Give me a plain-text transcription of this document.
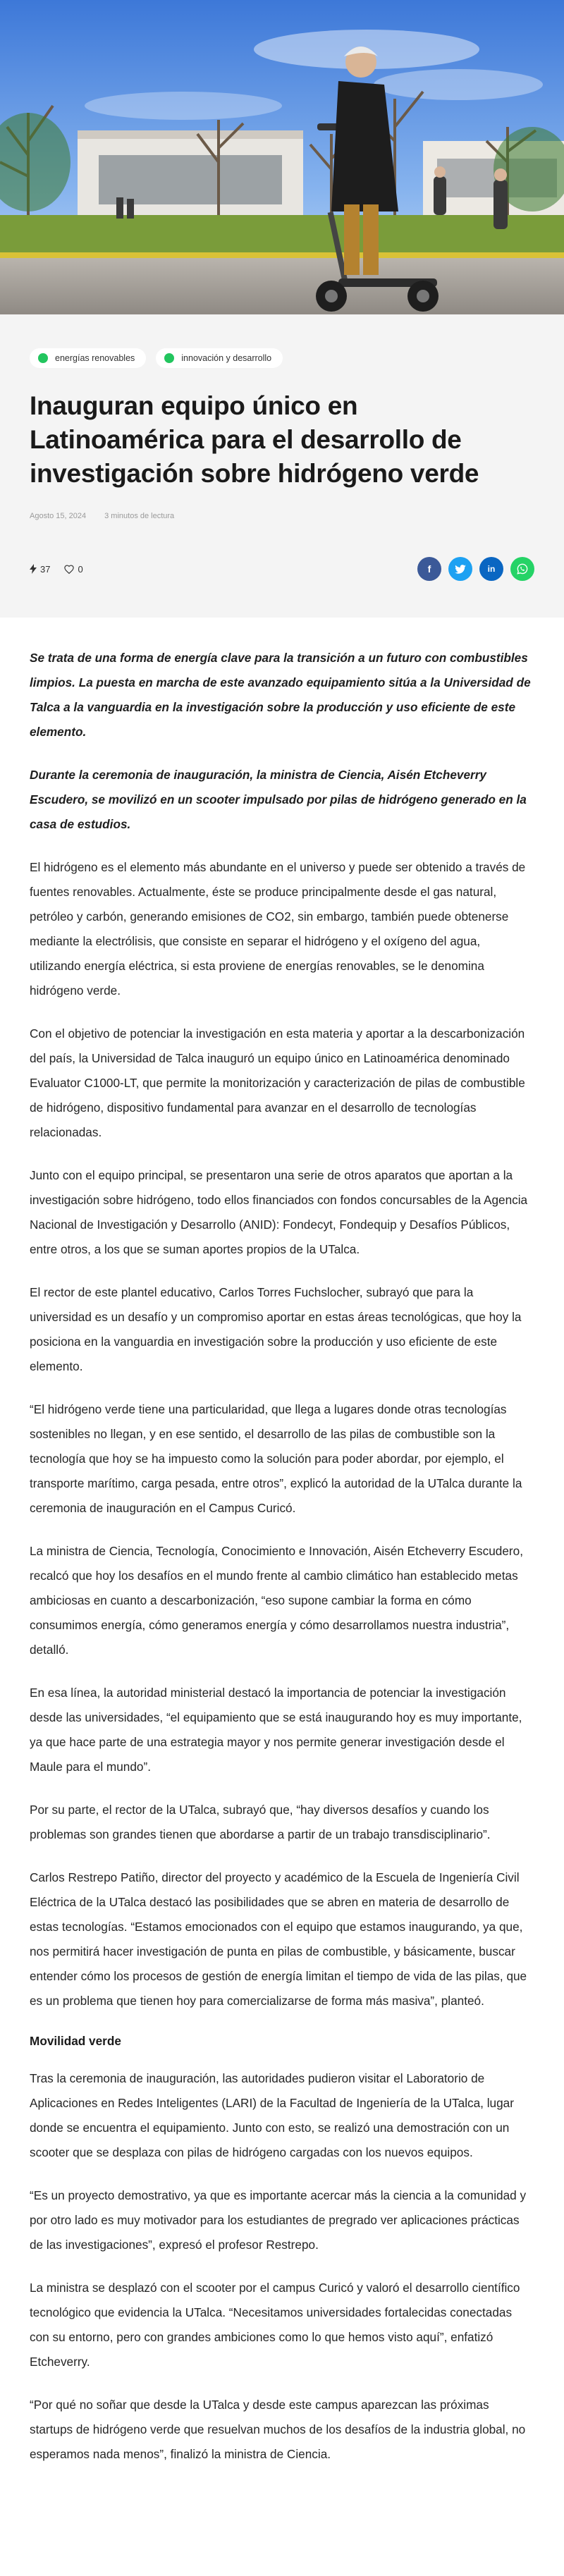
energías renovables	innovación y desarrollo
Inauguran equipo único en Latinoamérica para el desarrollo de investigación sobre hidrógeno verde
Agosto 15, 2024 3 minutos de lectura
37	0	f	in

Se trata de una forma de energía clave para la transición a un futuro con combustibles limpios. La puesta en marcha de este avanzado equipamiento sitúa a la Universidad de Talca a la vanguardia en la investigación sobre la producción y uso eficiente de este elemento.

Durante la ceremonia de inauguración, la ministra de Ciencia, Aisén Etcheverry Escudero, se movilizó en un scooter impulsado por pilas de hidrógeno generado en la casa de estudios.

El hidrógeno es el elemento más abundante en el universo y puede ser obtenido a través de fuentes renovables. Actualmente, éste se produce principalmente desde el gas natural, petróleo y carbón, generando emisiones de CO2, sin embargo, también puede obtenerse mediante la electrólisis, que consiste en separar el hidrógeno y el oxígeno del agua, utilizando energía eléctrica, si esta proviene de energías renovables, se le denomina hidrógeno verde.

Con el objetivo de potenciar la investigación en esta materia y aportar a la descarbonización del país, la Universidad de Talca inauguró un equipo único en Latinoamérica denominado Evaluator C1000-LT, que permite la monitorización y caracterización de pilas de combustible de hidrógeno, dispositivo fundamental para avanzar en el desarrollo de tecnologías relacionadas.

Junto con el equipo principal, se presentaron una serie de otros aparatos que aportan a la investigación sobre hidrógeno, todo ellos financiados con fondos concursables de la Agencia Nacional de Investigación y Desarrollo (ANID): Fondecyt, Fondequip y Desafíos Públicos, entre otros, a los que se suman aportes propios de la UTalca.

El rector de este plantel educativo, Carlos Torres Fuchslocher, subrayó que para la universidad es un desafío y un compromiso aportar en estas áreas tecnológicas, que hoy la posiciona en la vanguardia en investigación sobre la producción y uso eficiente de este elemento.

“El hidrógeno verde tiene una particularidad, que llega a lugares donde otras tecnologías sostenibles no llegan, y en ese sentido, el desarrollo de las pilas de combustible son la tecnología que hoy se ha impuesto como la solución para poder abordar, por ejemplo, el transporte marítimo, carga pesada, entre otros”, explicó la autoridad de la UTalca durante la ceremonia de inauguración en el Campus Curicó.

La ministra de Ciencia, Tecnología, Conocimiento e Innovación, Aisén Etcheverry Escudero, recalcó que hoy los desafíos en el mundo frente al cambio climático han establecido metas ambiciosas en cuanto a descarbonización, “eso supone cambiar la forma en cómo consumimos energía, cómo generamos energía y cómo desarrollamos nuestra industria”, detalló.

En esa línea, la autoridad ministerial destacó la importancia de potenciar la investigación desde las universidades, “el equipamiento que se está inaugurando hoy es muy importante, ya que hace parte de una estrategia mayor y nos permite generar investigación desde el Maule para el mundo”.

Por su parte, el rector de la UTalca, subrayó que, “hay diversos desafíos y cuando los problemas son grandes tienen que abordarse a partir de un trabajo transdisciplinario”.

Carlos Restrepo Patiño, director del proyecto y académico de la Escuela de Ingeniería Civil Eléctrica de la UTalca destacó las posibilidades que se abren en materia de desarrollo de estas tecnologías. “Estamos emocionados con el equipo que estamos inaugurando, ya que, nos permitirá hacer investigación de punta en pilas de combustible, y básicamente, buscar entender cómo los procesos de gestión de energía limitan el tiempo de vida de las pilas, que es un problema que tienen hoy para comercializarse de forma más masiva”, planteó.

Movilidad verde

Tras la ceremonia de inauguración, las autoridades pudieron visitar el Laboratorio de Aplicaciones en Redes Inteligentes (LARI) de la Facultad de Ingeniería de la UTalca, lugar donde se encuentra el equipamiento. Junto con esto, se realizó una demostración con un scooter que se desplaza con pilas de hidrógeno cargadas con los nuevos equipos.

“Es un proyecto demostrativo, ya que es importante acercar más la ciencia a la comunidad y por otro lado es muy motivador para los estudiantes de pregrado ver aplicaciones prácticas de las investigaciones”, expresó el profesor Restrepo.

La ministra se desplazó con el scooter por el campus Curicó y valoró el desarrollo científico tecnológico que evidencia la UTalca. “Necesitamos universidades fortalecidas conectadas con su entorno, pero con grandes ambiciones como lo que hemos visto aquí”, enfatizó Etcheverry.

“Por qué no soñar que desde la UTalca y desde este campus aparezcan las próximas startups de hidrógeno verde que resuelvan muchos de los desafíos de la industria global, no esperamos nada menos”, finalizó la ministra de Ciencia.
